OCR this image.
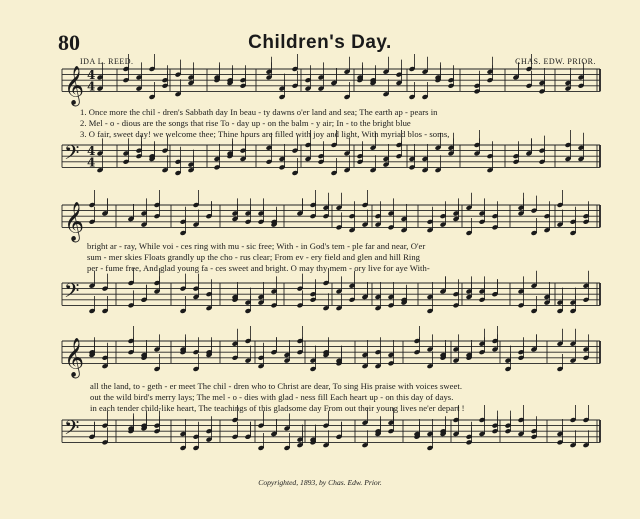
80	Children's Day.
IDA L. REED.	CHAS. EDW. PRIOR.
𝄞 4
4
𝄢 4
4
𝄞
𝄢
𝄞
𝄢
1. Once more the chil - dren's Sabbath day In beau - ty dawns o'er land and sea; The earth ap - pears in
2. Mel - o - dious are the songs that rise To - day up - on the balm - y air; In - to the bright blue
3. O fair, sweet day! we welcome thee; Thine hours are filled with joy and light, With myriad blos - soms,
bright ar - ray, While voi - ces ring with mu - sic free; With - in God's tem - ple far and near, O'er
sum - mer skies Floats grandly up the cho - rus clear; From ev - ery field and glen and hill Ring
per - fume free, And glad young fa - ces sweet and bright. O may thy mem - ory live for aye With-
all the land, to - geth - er meet The chil - dren who to Christ are dear, To sing His praise with voices sweet.
out the wild bird's merry lays; The mel - o - dies with glad - ness fill Each heart up - on this day of days.
in each tender child-like heart, The teachings of this gladsome day From out their young lives ne'er depart !
Copyrighted, 1893, by Chas. Edw. Prior.
